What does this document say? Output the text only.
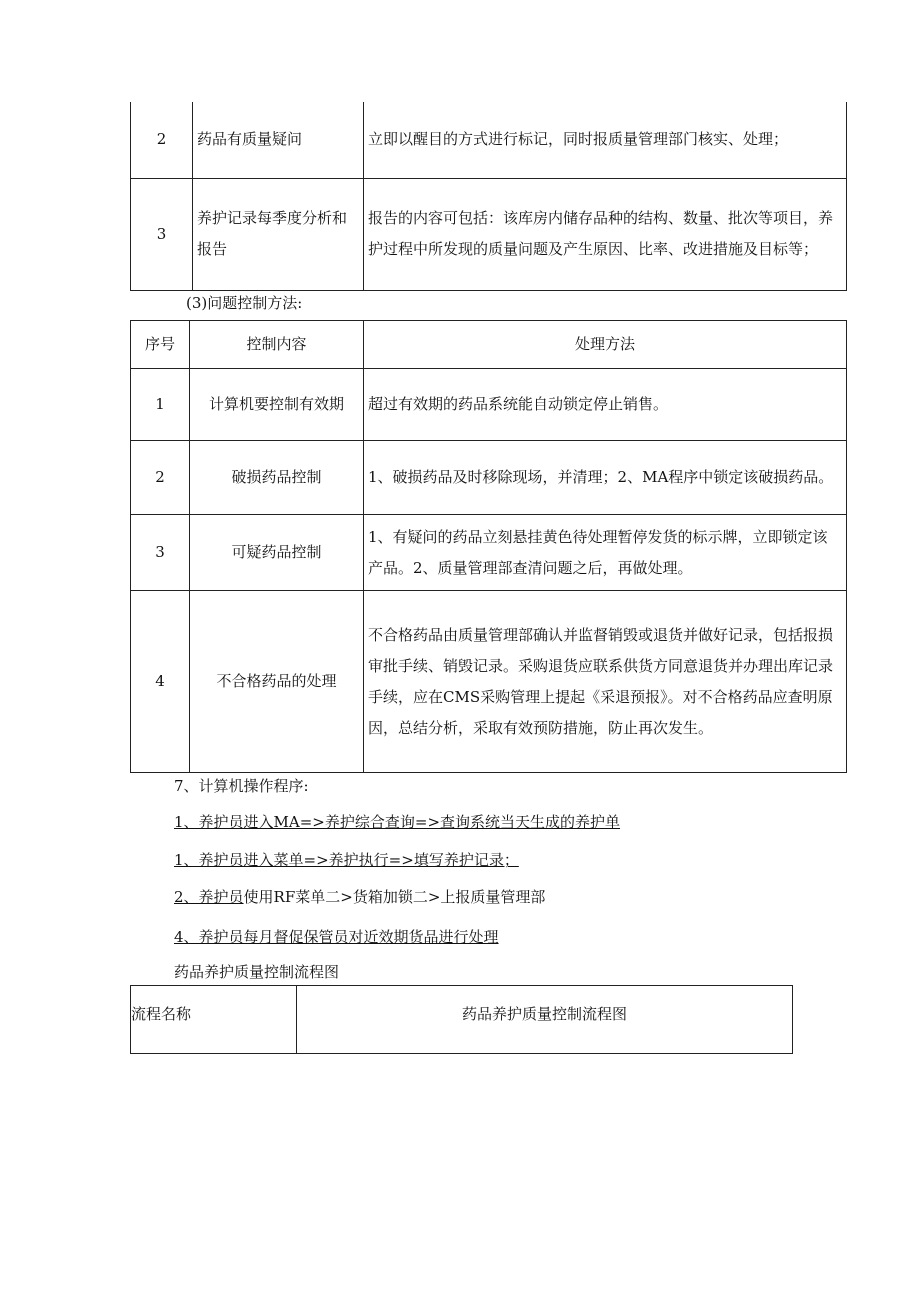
2	药品有质量疑问	立即以醒目的方式进行标记，同时报质量管理部门核实、处理；
3	养护记录每季度分析和报告	报告的内容可包括：该库房内储存品种的结构、数量、批次等项目，养护过程中所发现的质量问题及产生原因、比率、改进措施及目标等；
(3)问题控制方法:
序号	控制内容	处理方法
1	计算机要控制有效期	超过有效期的药品系统能自动锁定停止销售。
2	破损药品控制	1、破损药品及时移除现场，并清理；2、MA程序中锁定该破损药品。
3	可疑药品控制	1、有疑问的药品立刻悬挂黄色待处理暂停发货的标示牌，立即锁定该产品。2、质量管理部查清问题之后，再做处理。
4	不合格药品的处理	不合格药品由质量管理部确认并监督销毁或退货并做好记录，包括报损审批手续、销毁记录。采购退货应联系供货方同意退货并办理出库记录手续，应在CMS采购管理上提起《采退预报》。对不合格药品应查明原因，总结分析，采取有效预防措施，防止再次发生。
7、计算机操作程序:
1、养护员进入MA=>养护综合查询=>查询系统当天生成的养护单
1、养护员进入菜单=>养护执行=>填写养护记录；
2、养护员使用RF菜单二>货箱加锁二>上报质量管理部
4、养护员每月督促保管员对近效期货品进行处理
药品养护质量控制流程图
流程名称	药品养护质量控制流程图
